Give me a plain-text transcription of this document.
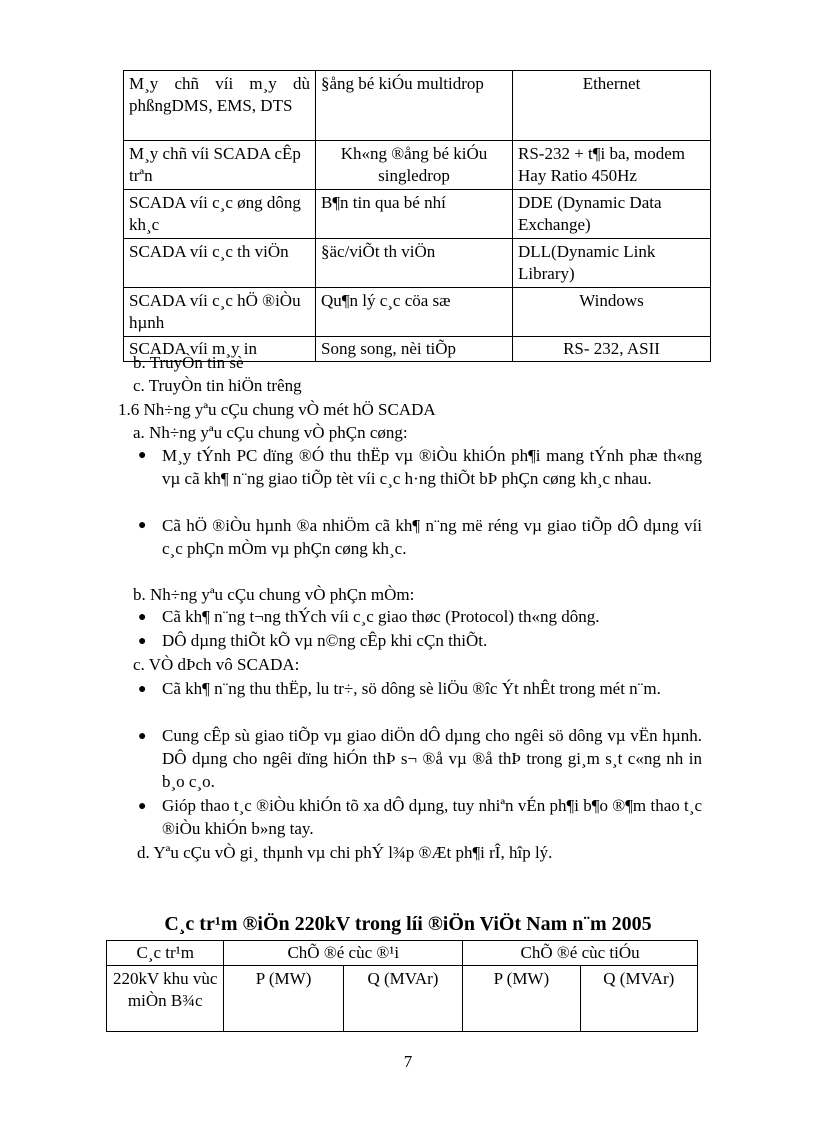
M¸y chñ víi m¸y dù phßngDMS, EMS, DTS	§ång bé kiÓu multidrop	Ethernet
M¸y chñ víi SCADA cÊp trªn	Kh«ng ®ång bé kiÓu singledrop	RS-232 + t¶i ba, modem Hay Ratio 450Hz
SCADA víi c¸c øng dông kh¸c	B¶n tin qua bé nhí	DDE (Dynamic Data Exchange)
SCADA víi c¸c th viÖn	§äc/viÕt th viÖn	DLL(Dynamic Link Library)
SCADA víi c¸c hÖ ®iÒu hµnh	Qu¶n lý c¸c cöa sæ	Windows
SCADA víi m¸y in	Song song, nèi tiÕp	RS- 232, ASII
b. TruyÒn tin sè
c. TruyÒn tin hiÖn trêng
1.6 Nh÷ng yªu cÇu chung vÒ mét hÖ SCADA
a. Nh÷ng yªu cÇu chung vÒ phÇn cøng:
● M¸y tÝnh PC dïng ®Ó thu thËp vµ ®iÒu khiÓn ph¶i mang tÝnh phæ th«ng vµ cã kh¶ n¨ng giao tiÕp tèt víi c¸c h·ng thiÕt bÞ phÇn cøng kh¸c nhau.
● Cã hÖ ®iÒu hµnh ®a nhiÖm cã kh¶ n¨ng më réng vµ giao tiÕp dÔ dµng víi c¸c phÇn mÒm vµ phÇn cøng kh¸c.
b. Nh÷ng yªu cÇu chung vÒ phÇn mÒm:
● Cã kh¶ n¨ng t¬ng thÝch víi c¸c giao thøc (Protocol) th«ng dông.
● DÔ dµng thiÕt kÕ vµ n©ng cÊp khi cÇn thiÕt.
c. VÒ dÞch vô SCADA:
● Cã kh¶ n¨ng thu thËp, lu tr÷, sö dông sè liÖu ®îc Ýt nhÊt trong mét n¨m.
● Cung cÊp sù giao tiÕp vµ giao diÖn dÔ dµng cho ngêi sö dông vµ vËn hµnh. DÔ dµng cho ngêi dïng hiÓn thÞ s¬ ®å vµ ®å thÞ trong gi¸m s¸t c«ng nh in b¸o c¸o.
● Gióp thao t¸c ®iÒu khiÓn tõ xa dÔ dµng, tuy nhiªn vÉn ph¶i b¶o ®¶m thao t¸c ®iÒu khiÓn b»ng tay.
d. Yªu cÇu vÒ gi¸ thµnh vµ chi phÝ l¾p ®Æt ph¶i rÎ, hîp lý.
C¸c tr¹m ®iÖn 220kV trong líi ®iÖn ViÖt Nam n¨m 2005
C¸c tr¹m	ChÕ ®é cùc ®¹i		ChÕ ®é cùc tiÓu	
220kV khu vùc miÒn B¾c	P (MW)	Q (MVAr)	P (MW)	Q (MVAr)
7
